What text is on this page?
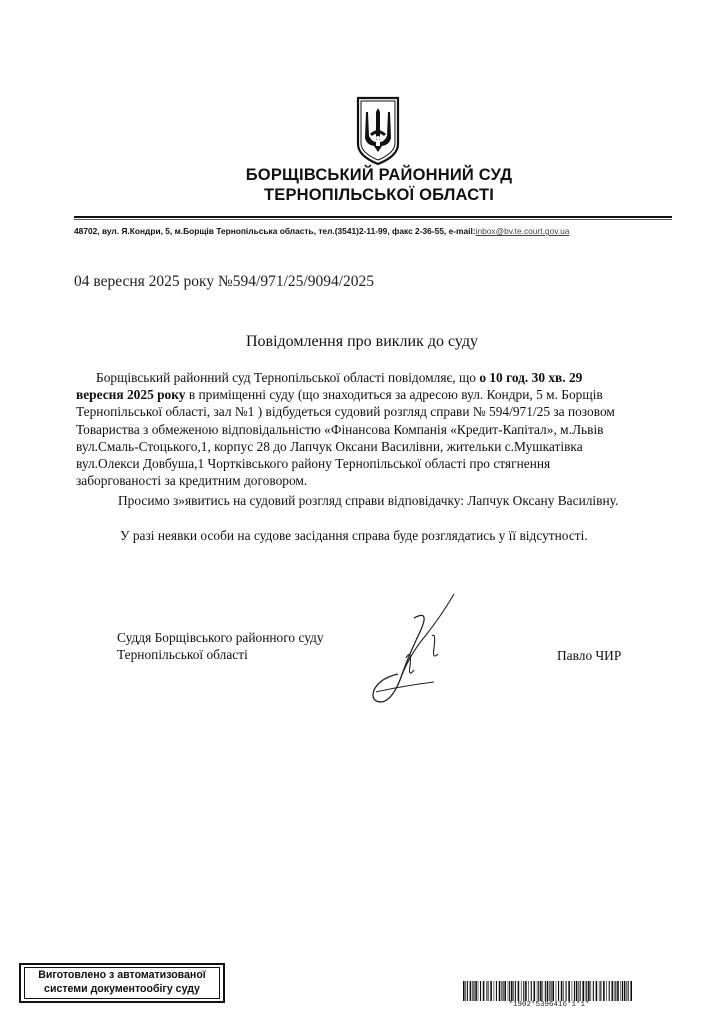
БОРЩІВСЬКИЙ РАЙОННИЙ СУД
ТЕРНОПІЛЬСЬКОЇ ОБЛАСТІ
48702, вул. Я.Кондри, 5, м.Борщів Тернопільська область, тел.(3541)2-11-99, факс 2-36-55, e-mail:inbox@bv.te.court.gov.ua
04 вересня 2025 року №594/971/25/9094/2025
Повідомлення про виклик до суду
Борщівський районний суд Тернопільської області повідомляє, що о 10 год. 30 хв. 29
вересня 2025 року в приміщенні суду (що знаходиться за адресою вул. Кондри, 5 м. Борщів
Тернопільської області, зал №1 ) відбудеться судовий розгляд справи № 594/971/25 за позовом
Товариства з обмеженою відповідальністю «Фінансова Компанія «Кредит-Капітал», м.Львів
вул.Смаль-Стоцького,1, корпус 28 до Лапчук Оксани Василівни, жительки с.Мушкатівка
вул.Олекси Довбуша,1 Чортківського району Тернопільської області про стягнення
заборгованості за кредитним договором.
Просимо з»явитись на судовий розгляд справи відповідачку: Лапчук Оксану Василівну.
У разі неявки особи на судове засідання справа буде розглядатись у її відсутності.
Суддя Борщівського районного суду
Тернопільської області	Павло ЧИР
Виготовлено з автоматизованої
системи документообігу суду
*1902*5396416*1*1*
